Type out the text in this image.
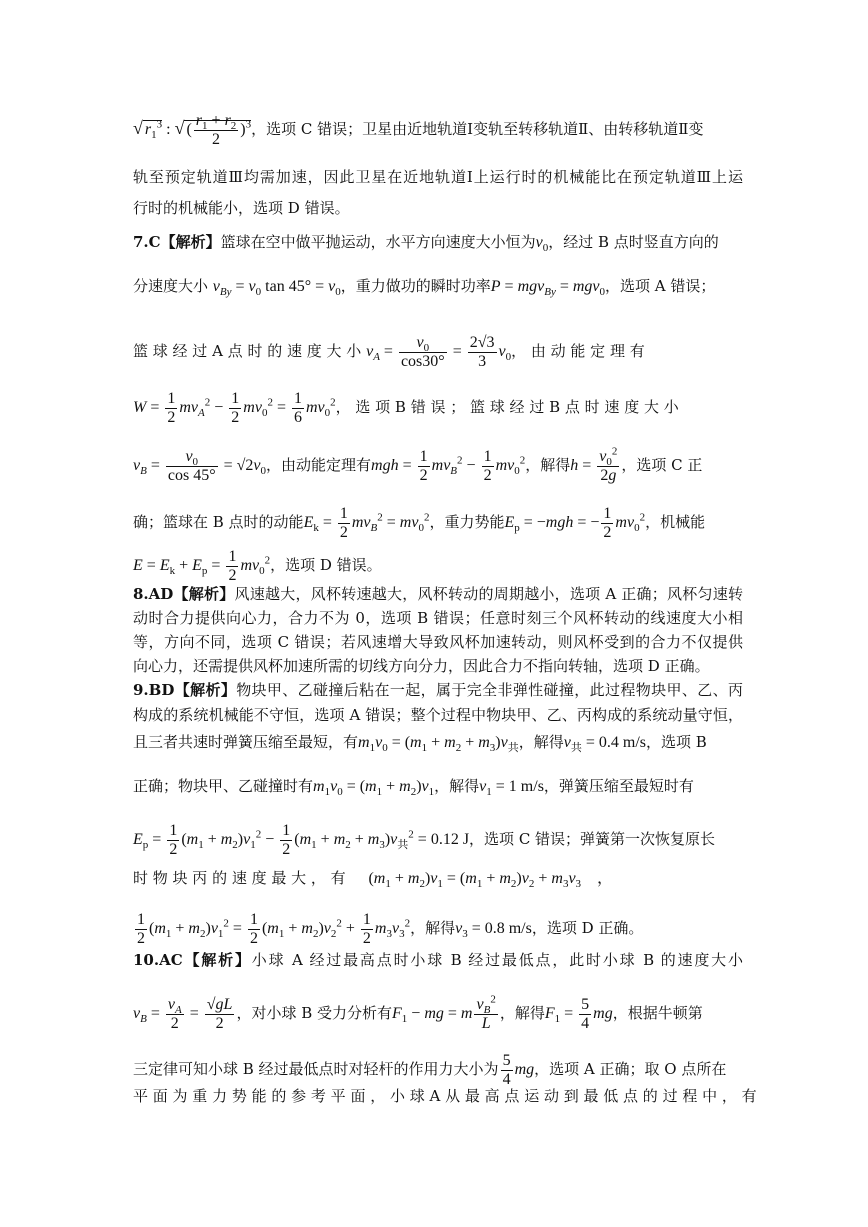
√ $r_1^3$ : √ ( $\frac{r_1 + r_2}{2} )^3$，选项 C 错误；卫星由近地轨道Ⅰ变轨至转移轨道Ⅱ、由转移轨道Ⅱ变
轨至预定轨道Ⅲ均需加速，因此卫星在近地轨道Ⅰ上运行时的机械能比在预定轨道Ⅲ上运
行时的机械能小，选项 D 错误。
7.C【解析】篮球在空中做平抛运动，水平方向速度大小恒为$v_0$，经过 B 点时竖直方向的
分速度大小 $v_{By} = v_0$ $\tan 45^\circ = v_0$，重力做功的瞬时功率P = mgv$_{By}$ = mgv$_0$，选项 A 错误；
篮 球 经 过 A 点 时 的 速 度 大 小 $v_A = \frac{v_0}{\cos 30^\circ} = \frac{2√3}{3} v_0$， 由 动 能 定 理 有
$W = \frac{1}{2} mv_A^2 - \frac{1}{2} mv_0^2 = \frac{1}{6} mv_0^2$， 选 项 B 错 误 ； 篮 球 经 过 B 点 时 速 度 大 小
$v_B = \frac{v_0}{\cos 45^\circ} = √2v_0$，由动能定理有mgh = $\frac{1}{2} mv_B^2 - \frac{1}{2} mv_0^2$，解得$h = \frac{v_0^2}{2g}$ ，选项 C 正
确；篮球在 B 点时的动能$E_k = \frac{1}{2} mv_B^2 = mv_0^2$，重力势能$E_p = -mgh$ = − $\frac{1}{2} mv_0^2$，机械能
$E = E_k + E_p = \frac{1}{2} mv_0^2$，选项 D 错误。
8.AD【解析】风速越大，风杯转速越大，风杯转动的周期越小，选项 A 正确；风杯匀速转
动时合力提供向心力，合力不为 0，选项 B 错误；任意时刻三个风杯转动的线速度大小相
等，方向不同，选项 C 错误；若风速增大导致风杯加速转动，则风杯受到的合力不仅提供
向心力，还需提供风杯加速所需的切线方向分力，因此合力不指向转轴，选项 D 正确。
9.BD【解析】物块甲、乙碰撞后粘在一起，属于完全非弹性碰撞，此过程物块甲、乙、丙
构成的系统机械能不守恒，选项 A 错误；整个过程中物块甲、乙、丙构成的系统动量守恒，
且三者共速时弹簧压缩至最短，有$m_1v_0 = (m_1 + m_2 + m_3)v_共$，解得$v_共 = 0.4$ m/s，选项 B
正确；物块甲、乙碰撞时有$m_1v_0 = (m_1 + m_2)v_1$，解得$v_1 = 1$ m/s，弹簧压缩至最短时有
$E_p = \frac{1}{2} (m_1 + m_2)v_1^2 - \frac{1}{2} (m_1 + m_2 + m_3)v_共^2 = 0.12$ J，选项 C 错误；弹簧第一次恢复原长
时 物 块 丙 的 速 度 最 大 ， 有 $(m_1 + m_2)v_1 = (m_1 + m_2)v_2 + m_3v_3$　，
$\frac{1}{2} (m_1 + m_2)v_1^2 = \frac{1}{2} (m_1 + m_2)v_2^2 + \frac{1}{2} m_3v_3^2$，解得$v_3 = 0.8$ m/s，选项 D 正确。
10.AC【解析】小球 A 经过最高点时小球 B 经过最低点，此时小球 B 的速度大小
$v_B = \frac{v_A}{2} = \frac{√gL}{2}$ ，对小球 B 受力分析有$F_1$ − mg = m $\frac{v_B^2}{L}$ ，解得$F_1 = \frac{5}{4}$ mg，根据牛顿第
三定律可知小球 B 经过最低点时对轻杆的作用力大小为 $\frac{5}{4}$ mg，选项 A 正确；取 O 点所在
平 面 为 重 力 势 能 的 参 考 平 面 ， 小 球 A 从 最 高 点 运 动 到 最 低 点 的 过 程 中 ， 有
